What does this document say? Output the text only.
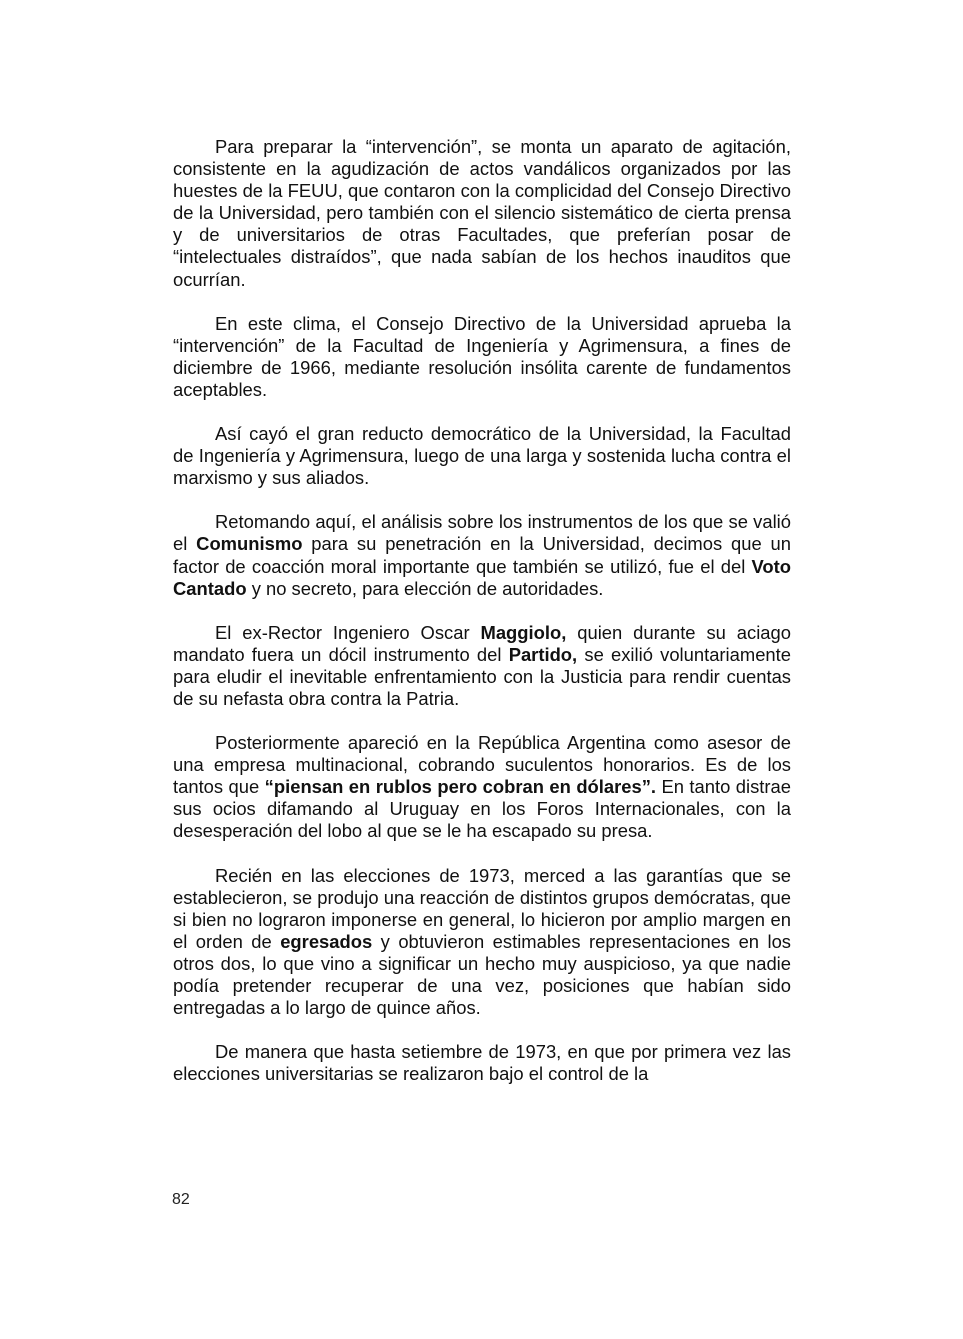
Para preparar la “intervención”, se monta un aparato de agitación, consistente en la agudización de actos vandálicos organizados por las huestes de la FEUU, que contaron con la complicidad del Consejo Directivo de la Universidad, pero también con el silencio sistemático de cierta prensa y de universitarios de otras Facultades, que preferían posar de “intelectuales distraídos”, que nada sabían de los hechos inauditos que ocurrían.

En este clima, el Consejo Directivo de la Universidad aprueba la “intervención” de la Facultad de Ingeniería y Agrimensura, a fines de diciembre de 1966, mediante resolución insólita carente de fundamentos aceptables.

Así cayó el gran reducto democrático de la Universidad, la Facultad de Ingeniería y Agrimensura, luego de una larga y sostenida lucha contra el marxismo y sus aliados.

Retomando aquí, el análisis sobre los instrumentos de los que se valió el Comunismo para su penetración en la Universidad, decimos que un factor de coacción moral importante que también se utilizó, fue el del Voto Cantado y no secreto, para elección de autoridades.

El ex-Rector Ingeniero Oscar Maggiolo, quien durante su aciago mandato fuera un dócil instrumento del Partido, se exilió voluntariamente para eludir el inevitable enfrentamiento con la Justicia para rendir cuentas de su nefasta obra contra la Patria.

Posteriormente apareció en la República Argentina como asesor de una empresa multinacional, cobrando suculentos honorarios. Es de los tantos que “piensan en rublos pero cobran en dólares”. En tanto distrae sus ocios difamando al Uruguay en los Foros Internacionales, con la desesperación del lobo al que se le ha escapado su presa.

Recién en las elecciones de 1973, merced a las garantías que se establecieron, se produjo una reacción de distintos grupos demócratas, que si bien no lograron imponerse en general, lo hicieron por amplio margen en el orden de egresados y obtuvieron estimables representaciones en los otros dos, lo que vino a significar un hecho muy auspicioso, ya que nadie podía pretender recuperar de una vez, posiciones que habían sido entregadas a lo largo de quince años.

De manera que hasta setiembre de 1973, en que por primera vez las elecciones universitarias se realizaron bajo el control de la

82
